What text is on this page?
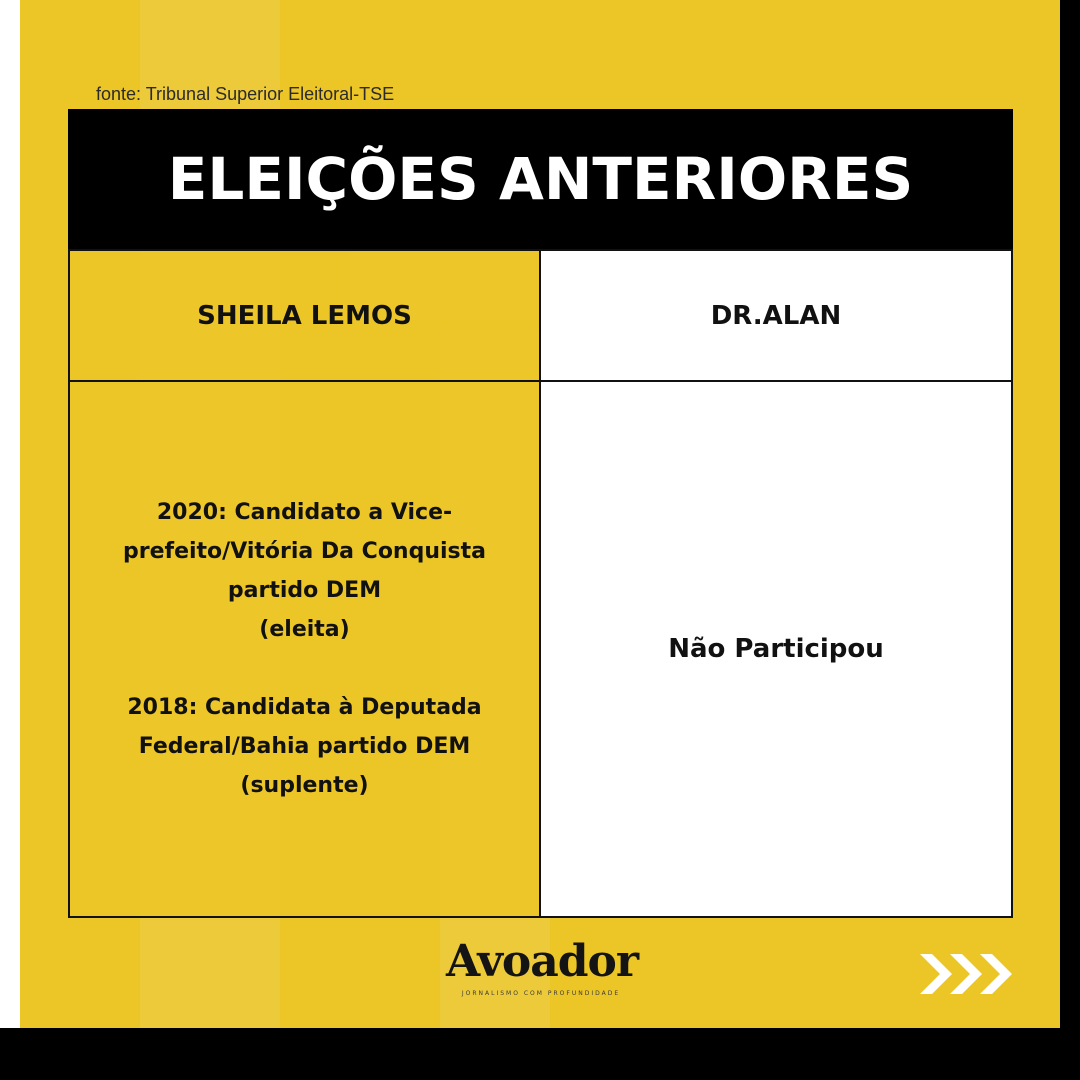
fonte: Tribunal Superior Eleitoral-TSE
ELEIÇÕES ANTERIORES
SHEILA LEMOS	DR.ALAN
2020: Candidato a Vice-
prefeito/Vitória Da Conquista
partido DEM
(eleita)
2018: Candidata à Deputada
Federal/Bahia partido DEM
(suplente)
Não Participou
Avoador
JORNALISMO COM PROFUNDIDADE
